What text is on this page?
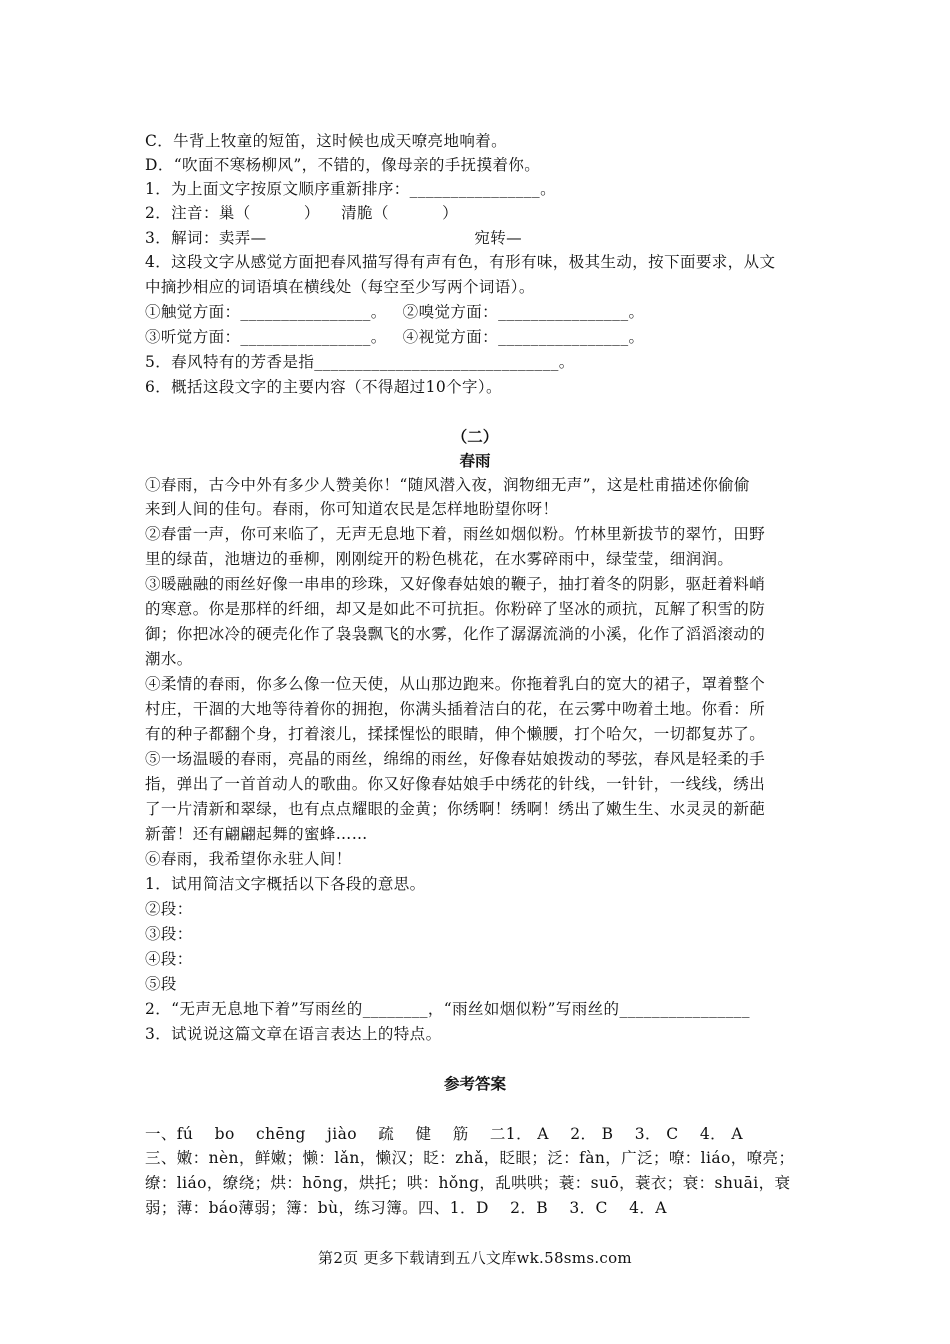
C．牛背上牧童的短笛，这时候也成天嘹亮地响着。
D．“吹面不寒杨柳风”，不错的，像母亲的手抚摸着你。
1．为上面文字按原文顺序重新排序：________________。
2．注音：巢（          ）    清脆（          ）
3．解词：卖弄—                                       宛转—
4．这段文字从感觉方面把春风描写得有声有色，有形有味，极其生动，按下面要求，从文
中摘抄相应的词语填在横线处（每空至少写两个词语）。
①触觉方面：________________。   ②嗅觉方面：________________。
③听觉方面：________________。   ④视觉方面：________________。
5．春风特有的芳香是指______________________________。
6．概括这段文字的主要内容（不得超过10个字）。
（二）
春雨
①春雨，古今中外有多少人赞美你！“随风潜入夜，润物细无声”，这是杜甫描述你偷偷
来到人间的佳句。春雨，你可知道农民是怎样地盼望你呀！
②春雷一声，你可来临了，无声无息地下着，雨丝如烟似粉。竹林里新拔节的翠竹，田野
里的绿苗，池塘边的垂柳，刚刚绽开的粉色桃花，在水雾碎雨中，绿莹莹，细润润。
③暖融融的雨丝好像一串串的珍珠，又好像春姑娘的鞭子，抽打着冬的阴影，驱赶着料峭
的寒意。你是那样的纤细，却又是如此不可抗拒。你粉碎了坚冰的顽抗，瓦解了积雪的防
御；你把冰冷的硬壳化作了袅袅飘飞的水雾，化作了潺潺流淌的小溪，化作了滔滔滚动的
潮水。
④柔情的春雨，你多么像一位天使，从山那边跑来。你拖着乳白的宽大的裙子，罩着整个
村庄，干涸的大地等待着你的拥抱，你满头插着洁白的花，在云雾中吻着土地。你看：所
有的种子都翻个身，打着滚儿，揉揉惺忪的眼睛，伸个懒腰，打个哈欠，一切都复苏了。
⑤一场温暖的春雨，亮晶的雨丝，绵绵的雨丝，好像春姑娘拨动的琴弦，春风是轻柔的手
指，弹出了一首首动人的歌曲。你又好像春姑娘手中绣花的针线，一针针，一线线，绣出
了一片清新和翠绿，也有点点耀眼的金黄；你绣啊！绣啊！绣出了嫩生生、水灵灵的新葩
新蕾！还有翩翩起舞的蜜蜂……
⑥春雨，我希望你永驻人间！
1．试用简洁文字概括以下各段的意思。
②段：
③段：
④段：
⑤段
2．“无声无息地下着”写雨丝的________，“雨丝如烟似粉”写雨丝的________________
3．试说说这篇文章在语言表达上的特点。
参考答案
一、fú    bo    chēng    jiào    疏    健    筋    二1． A    2． B    3． C    4． A
三、嫩：nèn，鲜嫩；懒：lǎn，懒汉；眨：zhǎ，眨眼；泛：fàn，广泛；嘹：liáo，嘹亮；
缭：liáo，缭绕；烘：hōng，烘托；哄：hǒng，乱哄哄；蓑：suō，蓑衣；衰：shuāi，衰
弱；薄：báo薄弱；簿：bù，练习簿。四、1．D    2．B    3．C    4．A
第2页 更多下载请到五八文库wk.58sms.com
